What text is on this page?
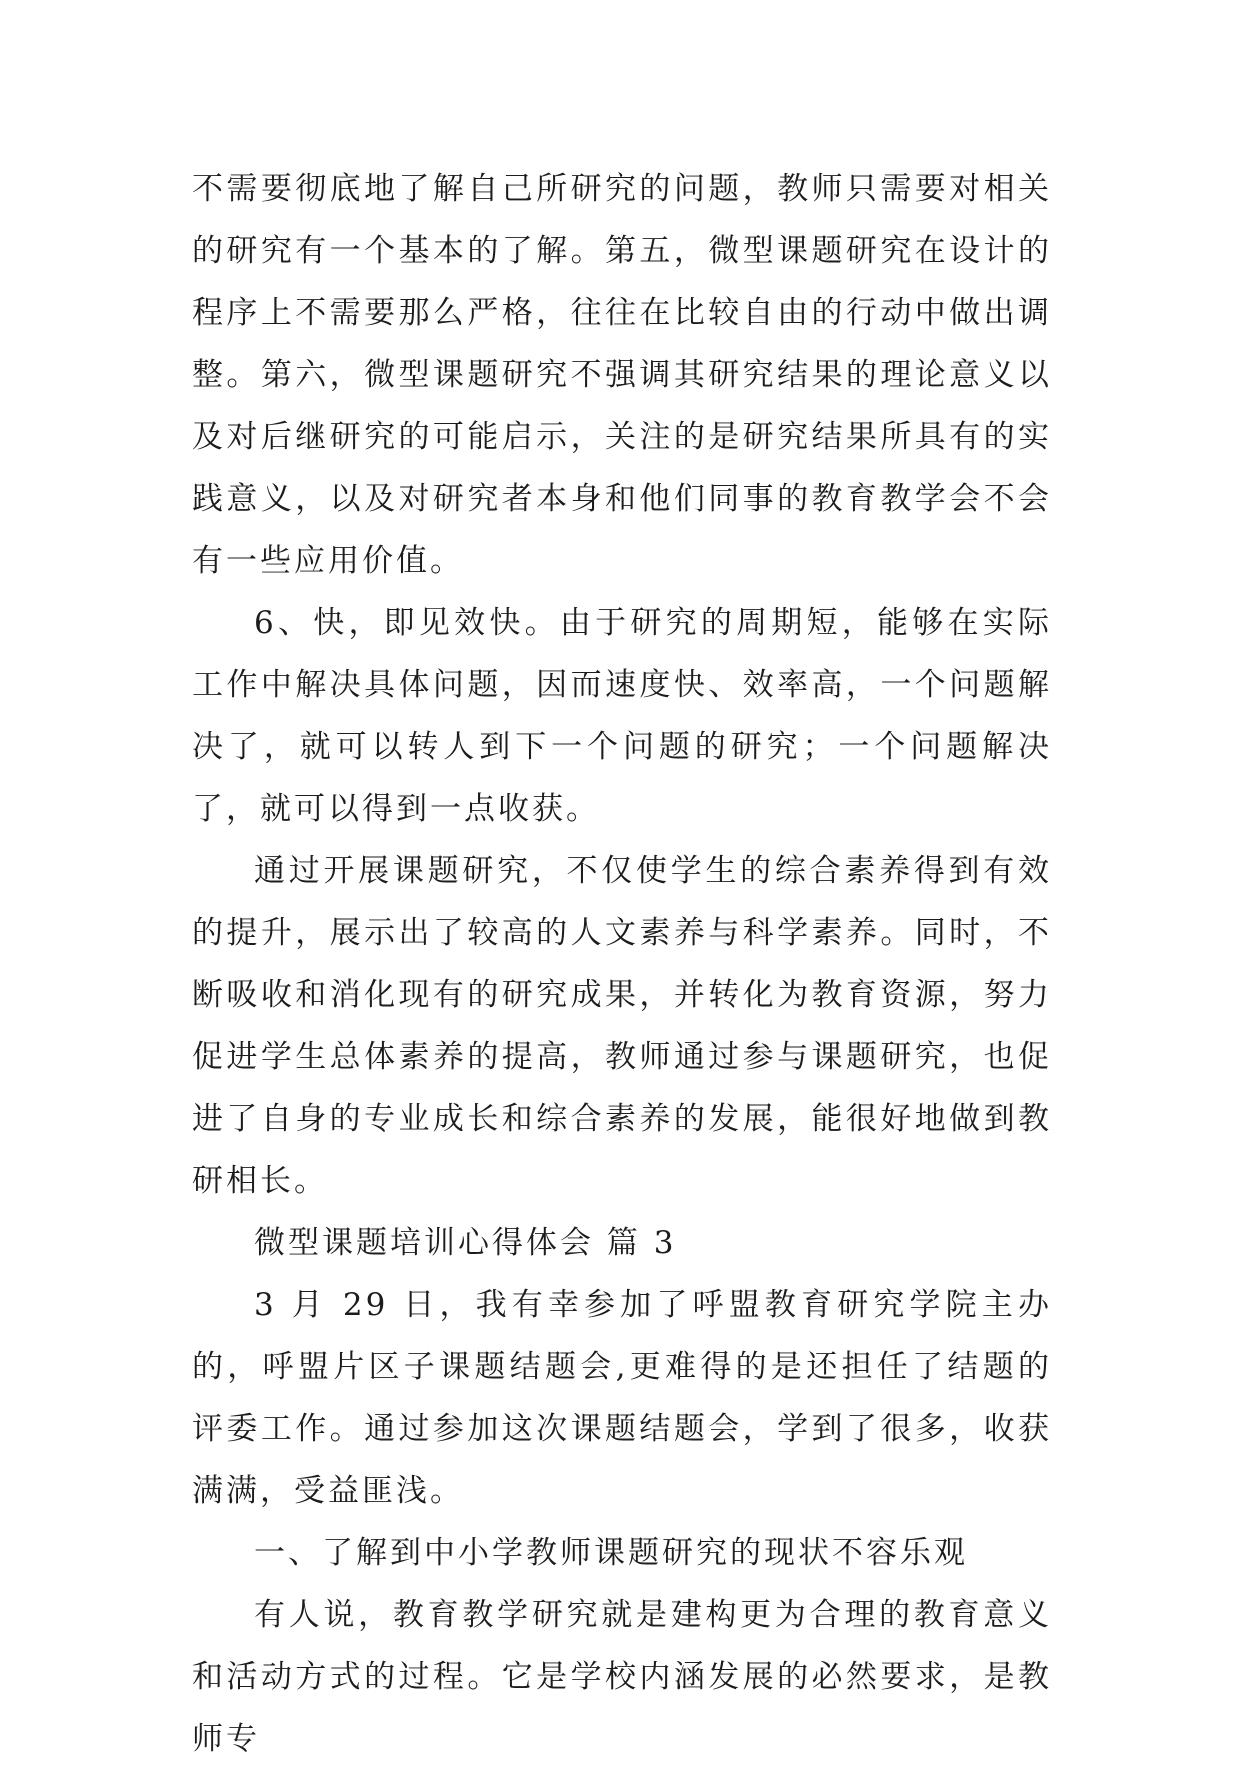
不需要彻底地了解自己所研究的问题，教师只需要对相关的研究有一个基本的了解。第五，微型课题研究在设计的程序上不需要那么严格，往往在比较自由的行动中做出调整。第六，微型课题研究不强调其研究结果的理论意义以及对后继研究的可能启示，关注的是研究结果所具有的实践意义，以及对研究者本身和他们同事的教育教学会不会有一些应用价值。

6、快，即见效快。由于研究的周期短，能够在实际工作中解决具体问题，因而速度快、效率高，一个问题解决了，就可以转人到下一个问题的研究；一个问题解决了，就可以得到一点收获。

通过开展课题研究，不仅使学生的综合素养得到有效的提升，展示出了较高的人文素养与科学素养。同时，不断吸收和消化现有的研究成果，并转化为教育资源，努力促进学生总体素养的提高，教师通过参与课题研究，也促进了自身的专业成长和综合素养的发展，能很好地做到教研相长。

微型课题培训心得体会 篇 3

3 月 29 日，我有幸参加了呼盟教育研究学院主办的，呼盟片区子课题结题会,更难得的是还担任了结题的评委工作。通过参加这次课题结题会，学到了很多，收获满满，受益匪浅。

一、了解到中小学教师课题研究的现状不容乐观

有人说，教育教学研究就是建构更为合理的教育意义和活动方式的过程。它是学校内涵发展的必然要求，是教师专
